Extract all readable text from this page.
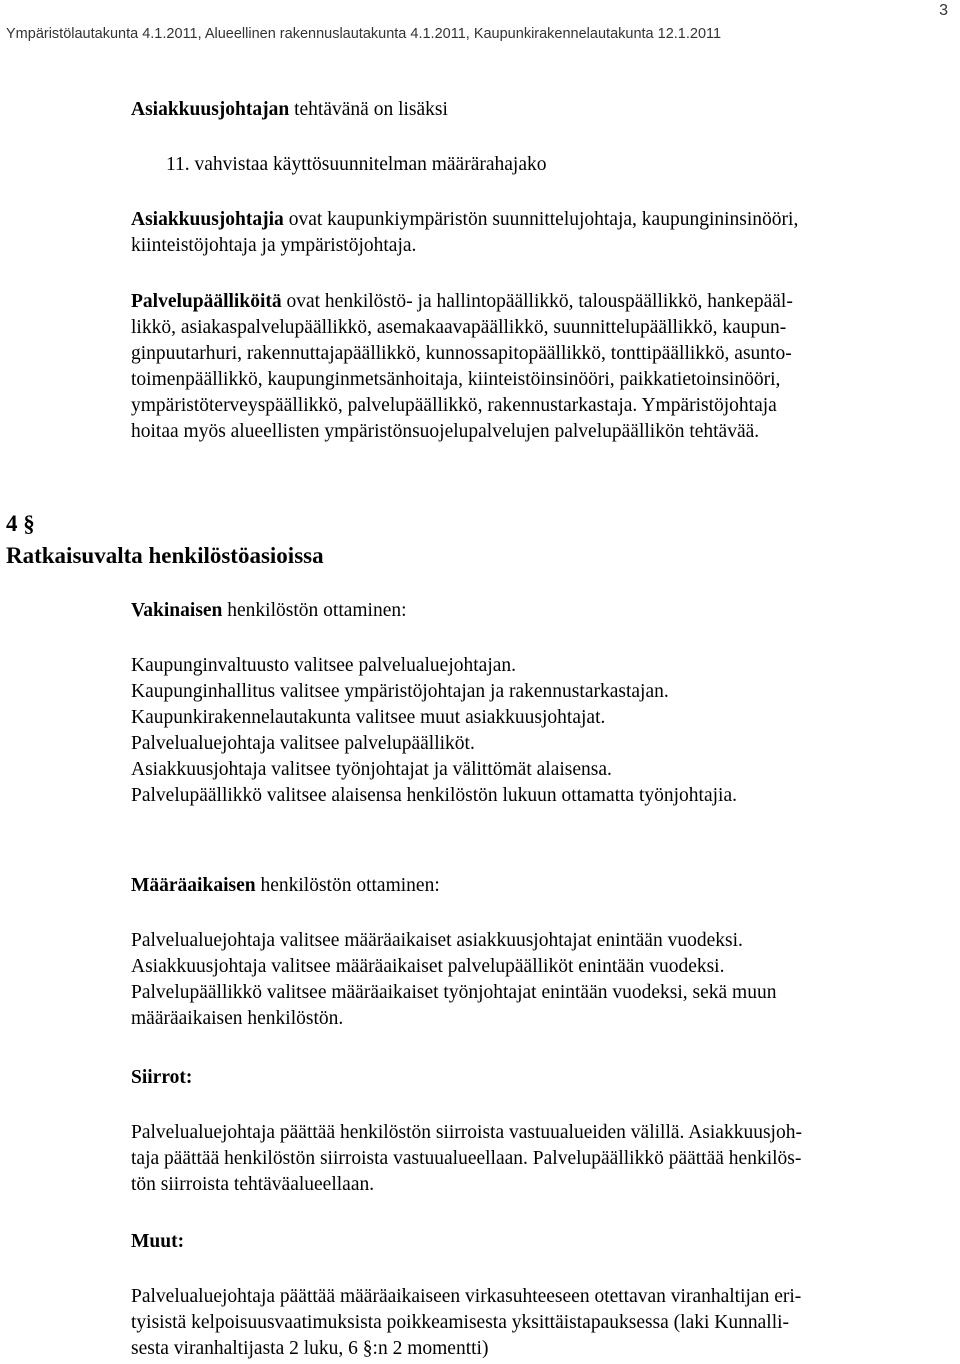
Ympäristölautakunta 4.1.2011, Alueellinen rakennuslautakunta 4.1.2011, Kaupunkirakennelautakunta 12.1.2011
3

Asiakkuusjohtajan tehtävänä on lisäksi

11. vahvistaa käyttösuunnitelman määrärahajako

Asiakkuusjohtajia ovat kaupunkiympäristön suunnittelujohtaja, kaupungininsinööri,

kiinteistöjohtaja ja ympäristöjohtaja.

Palvelupäälliköitä ovat henkilöstö- ja hallintopäällikkö, talouspäällikkö, hankepääl-

likkö, asiakaspalvelupäällikkö, asemakaavapäällikkö, suunnittelupäällikkö, kaupun-

ginpuutarhuri, rakennuttajapäällikkö, kunnossapitopäällikkö, tonttipäällikkö, asunto-

toimenpäällikkö, kaupunginmetsänhoitaja, kiinteistöinsinööri, paikkatietoinsinööri,

ympäristöterveyspäällikkö, palvelupäällikkö, rakennustarkastaja. Ympäristöjohtaja

hoitaa myös alueellisten ympäristönsuojelupalvelujen palvelupäällikön tehtävää.

4 §
Ratkaisuvalta henkilöstöasioissa

Vakinaisen henkilöstön ottaminen:

Kaupunginvaltuusto valitsee palvelualuejohtajan.

Kaupunginhallitus valitsee ympäristöjohtajan ja rakennustarkastajan.

Kaupunkirakennelautakunta valitsee muut asiakkuusjohtajat.

Palvelualuejohtaja valitsee palvelupäälliköt.

Asiakkuusjohtaja valitsee työnjohtajat ja välittömät alaisensa.

Palvelupäällikkö valitsee alaisensa henkilöstön lukuun ottamatta työnjohtajia.

Määräaikaisen henkilöstön ottaminen:

Palvelualuejohtaja valitsee määräaikaiset asiakkuusjohtajat enintään vuodeksi.

Asiakkuusjohtaja valitsee määräaikaiset palvelupäälliköt enintään vuodeksi.

Palvelupäällikkö valitsee määräaikaiset työnjohtajat enintään vuodeksi, sekä muun

määräaikaisen henkilöstön.

Siirrot:

Palvelualuejohtaja päättää henkilöstön siirroista vastuualueiden välillä. Asiakkuusjoh-

taja päättää henkilöstön siirroista vastuualueellaan. Palvelupäällikkö päättää henkilös-

tön siirroista tehtäväalueellaan.

Muut:

Palvelualuejohtaja päättää määräaikaiseen virkasuhteeseen otettavan viranhaltijan eri-

tyisistä kelpoisuusvaatimuksista poikkeamisesta yksittäistapauksessa (laki Kunnalli-

sesta viranhaltijasta 2 luku, 6 §:n 2 momentti)
